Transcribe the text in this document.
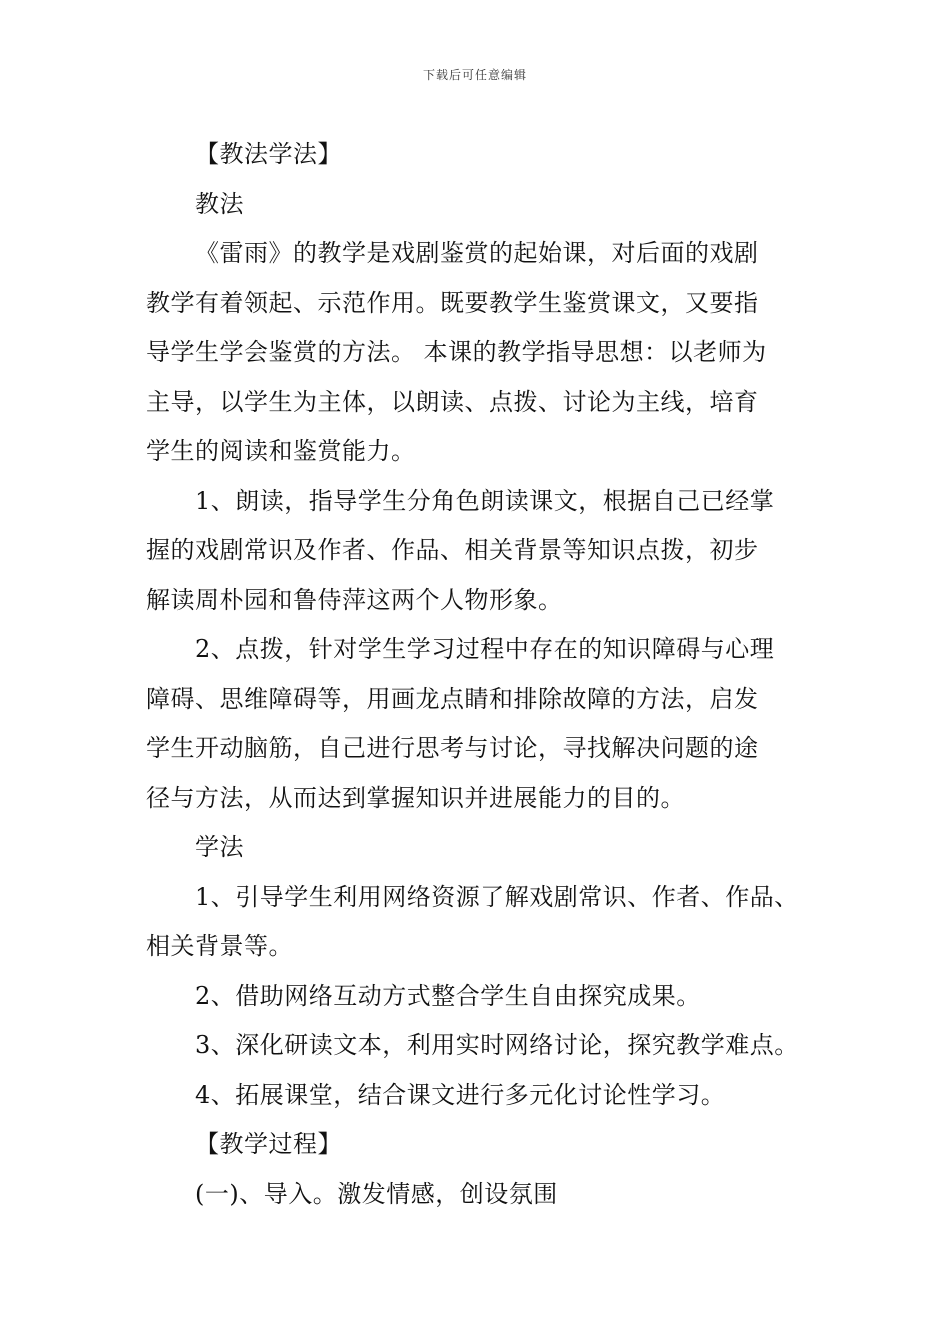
下载后可任意编辑
【教法学法】
教法
《雷雨》的教学是戏剧鉴赏的起始课，对后面的戏剧
教学有着领起、示范作用。既要教学生鉴赏课文，又要指
导学生学会鉴赏的方法。 本课的教学指导思想：以老师为
主导，以学生为主体，以朗读、点拨、讨论为主线，培育
学生的阅读和鉴赏能力。
1、朗读，指导学生分角色朗读课文，根据自己已经掌
握的戏剧常识及作者、作品、相关背景等知识点拨，初步
解读周朴园和鲁侍萍这两个人物形象。
2、点拨，针对学生学习过程中存在的知识障碍与心理
障碍、思维障碍等，用画龙点睛和排除故障的方法，启发
学生开动脑筋，自己进行思考与讨论，寻找解决问题的途
径与方法，从而达到掌握知识并进展能力的目的。
学法
1、引导学生利用网络资源了解戏剧常识、作者、作品、
相关背景等。
2、借助网络互动方式整合学生自由探究成果。
3、深化研读文本，利用实时网络讨论，探究教学难点。
4、拓展课堂，结合课文进行多元化讨论性学习。
【教学过程】
(一)、导入。激发情感，创设氛围
